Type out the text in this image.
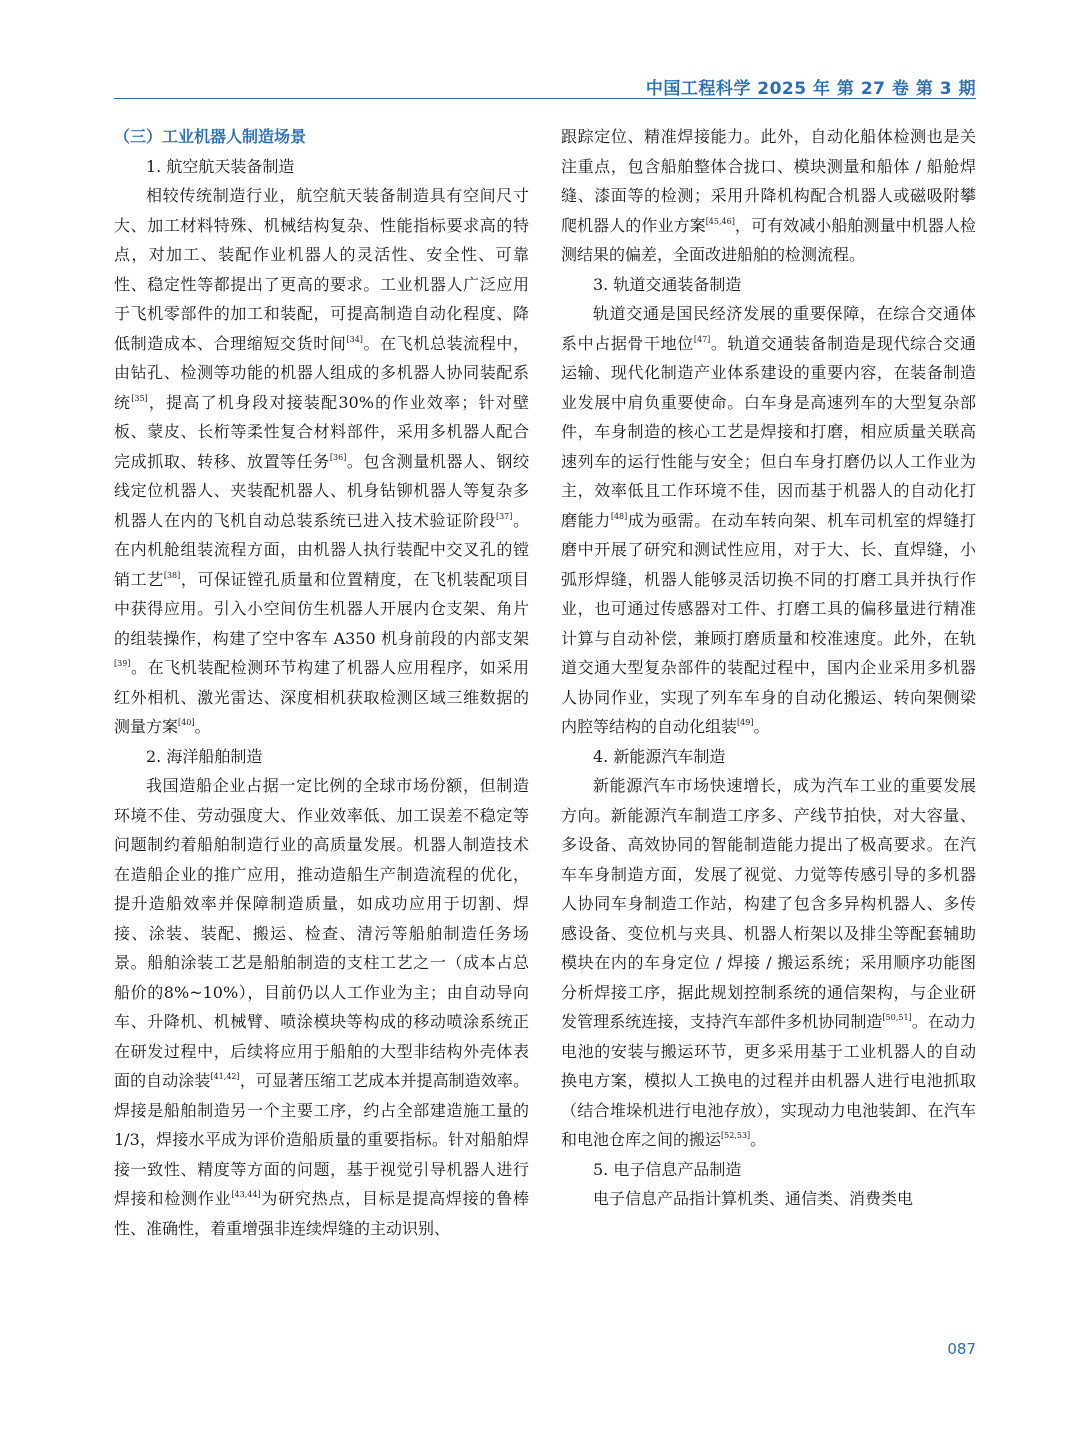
中国工程科学 2025 年 第 27 卷 第 3 期
（三）工业机器人制造场景

1. 航空航天装备制造

相较传统制造行业，航空航天装备制造具有空间尺寸大、加工材料特殊、机械结构复杂、性能指标要求高的特点，对加工、装配作业机器人的灵活性、安全性、可靠性、稳定性等都提出了更高的要求。工业机器人广泛应用于飞机零部件的加工和装配，可提高制造自动化程度、降低制造成本、合理缩短交货时间[34]。在飞机总装流程中，由钻孔、检测等功能的机器人组成的多机器人协同装配系统[35]，提高了机身段对接装配30%的作业效率；针对壁板、蒙皮、长桁等柔性复合材料部件，采用多机器人配合完成抓取、转移、放置等任务[36]。包含测量机器人、钢绞线定位机器人、夹装配机器人、机身钻铆机器人等复杂多机器人在内的飞机自动总装系统已进入技术验证阶段[37]。在内机舱组装流程方面，由机器人执行装配中交叉孔的镗销工艺[38]，可保证镗孔质量和位置精度，在飞机装配项目中获得应用。引入小空间仿生机器人开展内仓支架、角片的组装操作，构建了空中客车 A350 机身前段的内部支架[39]。在飞机装配检测环节构建了机器人应用程序，如采用红外相机、激光雷达、深度相机获取检测区域三维数据的测量方案[40]。

2. 海洋船舶制造

我国造船企业占据一定比例的全球市场份额，但制造环境不佳、劳动强度大、作业效率低、加工误差不稳定等问题制约着船舶制造行业的高质量发展。机器人制造技术在造船企业的推广应用，推动造船生产制造流程的优化，提升造船效率并保障制造质量，如成功应用于切割、焊接、涂装、装配、搬运、检查、清污等船舶制造任务场景。船舶涂装工艺是船舶制造的支柱工艺之一（成本占总船价的8%~10%），目前仍以人工作业为主；由自动导向车、升降机、机械臂、喷涂模块等构成的移动喷涂系统正在研发过程中，后续将应用于船舶的大型非结构外壳体表面的自动涂装[41,42]，可显著压缩工艺成本并提高制造效率。焊接是船舶制造另一个主要工序，约占全部建造施工量的1/3，焊接水平成为评价造船质量的重要指标。针对船舶焊接一致性、精度等方面的问题，基于视觉引导机器人进行焊接和检测作业[43,44]为研究热点，目标是提高焊接的鲁棒性、准确性，着重增强非连续焊缝的主动识别、

跟踪定位、精准焊接能力。此外，自动化船体检测也是关注重点，包含船舶整体合拢口、模块测量和船体 / 船舱焊缝、漆面等的检测；采用升降机构配合机器人或磁吸附攀爬机器人的作业方案[45,46]，可有效减小船舶测量中机器人检测结果的偏差，全面改进船舶的检测流程。

3. 轨道交通装备制造

轨道交通是国民经济发展的重要保障，在综合交通体系中占据骨干地位[47]。轨道交通装备制造是现代综合交通运输、现代化制造产业体系建设的重要内容，在装备制造业发展中肩负重要使命。白车身是高速列车的大型复杂部件，车身制造的核心工艺是焊接和打磨，相应质量关联高速列车的运行性能与安全；但白车身打磨仍以人工作业为主，效率低且工作环境不佳，因而基于机器人的自动化打磨能力[48]成为亟需。在动车转向架、机车司机室的焊缝打磨中开展了研究和测试性应用，对于大、长、直焊缝，小弧形焊缝，机器人能够灵活切换不同的打磨工具并执行作业，也可通过传感器对工件、打磨工具的偏移量进行精准计算与自动补偿，兼顾打磨质量和校准速度。此外，在轨道交通大型复杂部件的装配过程中，国内企业采用多机器人协同作业，实现了列车车身的自动化搬运、转向架侧梁内腔等结构的自动化组装[49]。

4. 新能源汽车制造

新能源汽车市场快速增长，成为汽车工业的重要发展方向。新能源汽车制造工序多、产线节拍快，对大容量、多设备、高效协同的智能制造能力提出了极高要求。在汽车车身制造方面，发展了视觉、力觉等传感引导的多机器人协同车身制造工作站，构建了包含多异构机器人、多传感设备、变位机与夹具、机器人桁架以及排尘等配套辅助模块在内的车身定位 / 焊接 / 搬运系统；采用顺序功能图分析焊接工序，据此规划控制系统的通信架构，与企业研发管理系统连接，支持汽车部件多机协同制造[50,51]。在动力电池的安装与搬运环节，更多采用基于工业机器人的自动换电方案，模拟人工换电的过程并由机器人进行电池抓取（结合堆垛机进行电池存放），实现动力电池装卸、在汽车和电池仓库之间的搬运[52,53]。

5. 电子信息产品制造

电子信息产品指计算机类、通信类、消费类电

087
